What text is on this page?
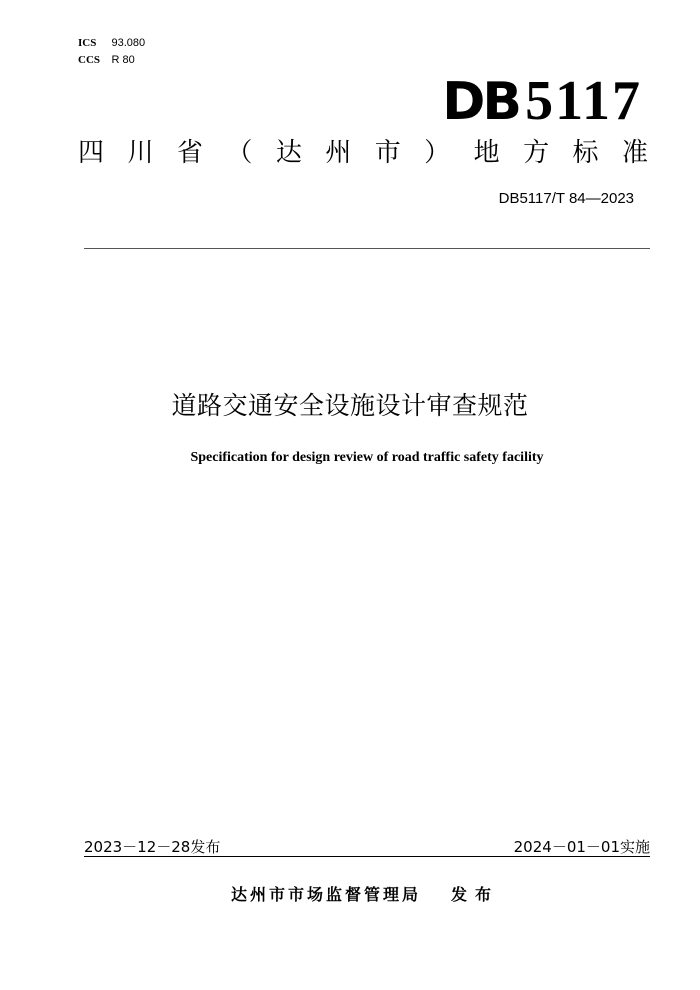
ICS 93.080
CCS R 80
DB 5117
四 川 省 （ 达 州 市 ） 地 方 标 准
DB5117/T 84—2023
道路交通安全设施设计审查规范
Specification for design review of road traffic safety facility
2023－12－28发布	2024－01－01实施
达州市市场监督管理局 发布
